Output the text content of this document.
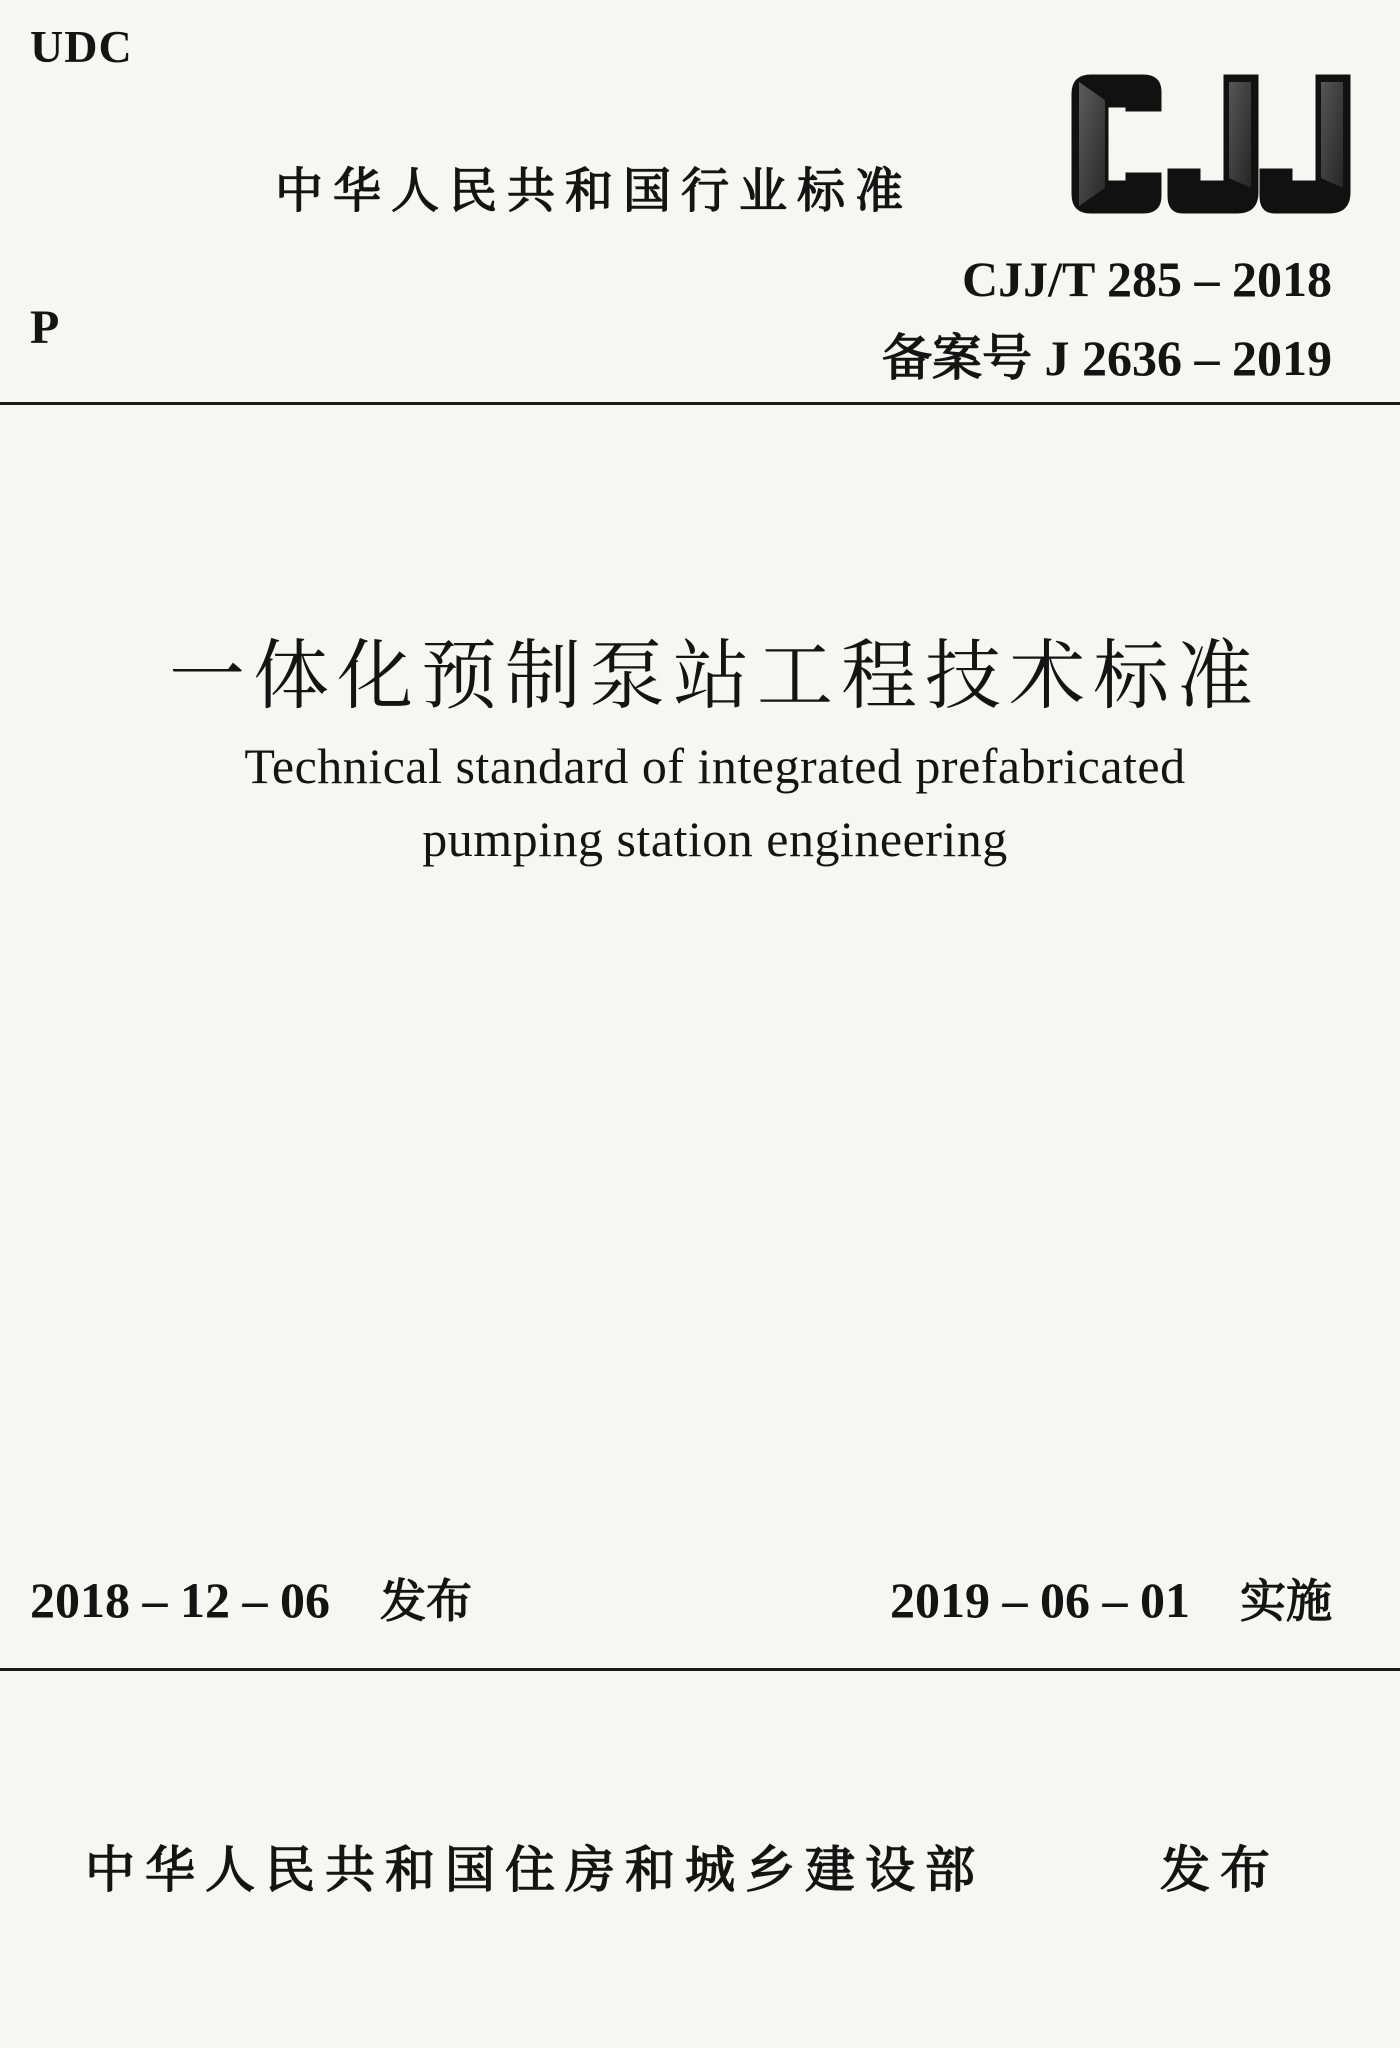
UDC
中华人民共和国行业标准
CJJ/T 285 – 2018
P
备案号 J 2636 – 2019
一体化预制泵站工程技术标准
Technical standard of integrated prefabricated
pumping station engineering
2018 – 12 – 06 发布	2019 – 06 – 01 实施
中华人民共和国住房和城乡建设部	发布
